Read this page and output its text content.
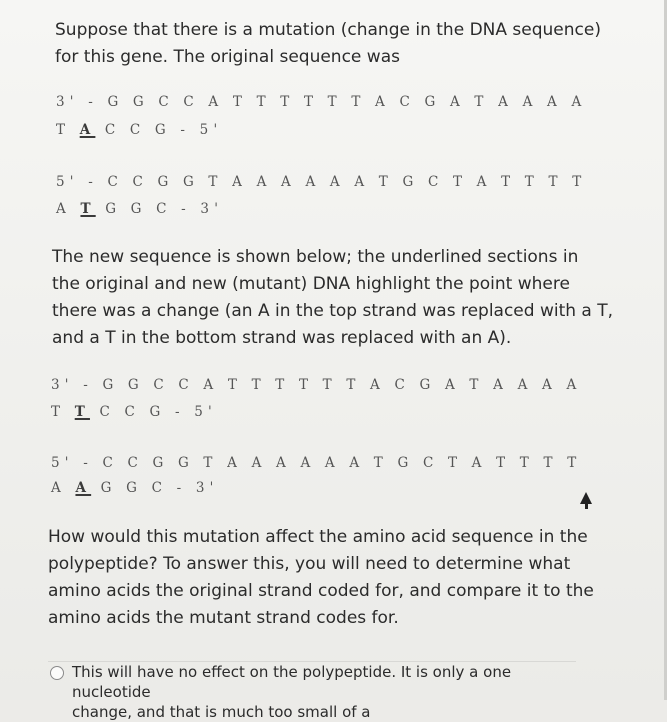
Suppose that there is a mutation (change in the DNA sequence)
for this gene. The original sequence was

3' - G G C C A T T T T T T A C G A T A A A A

T A C C G - 5'

5' - C C G G T A A A A A A T G C T A T T T T

A T G G C - 3'

The new sequence is shown below; the underlined sections in
the original and new (mutant) DNA highlight the point where
there was a change (an A in the top strand was replaced with a T,
and a T in the bottom strand was replaced with an A).

3' - G G C C A T T T T T T A C G A T A A A A

T T C C G - 5'

5' - C C G G T A A A A A A T G C T A T T T T

A A G G C - 3'

How would this mutation affect the amino acid sequence in the
polypeptide? To answer this, you will need to determine what
amino acids the original strand coded for, and compare it to the
amino acids the mutant strand codes for.

This will have no effect on the polypeptide. It is only a one nucleotide
change, and that is much too small of a
